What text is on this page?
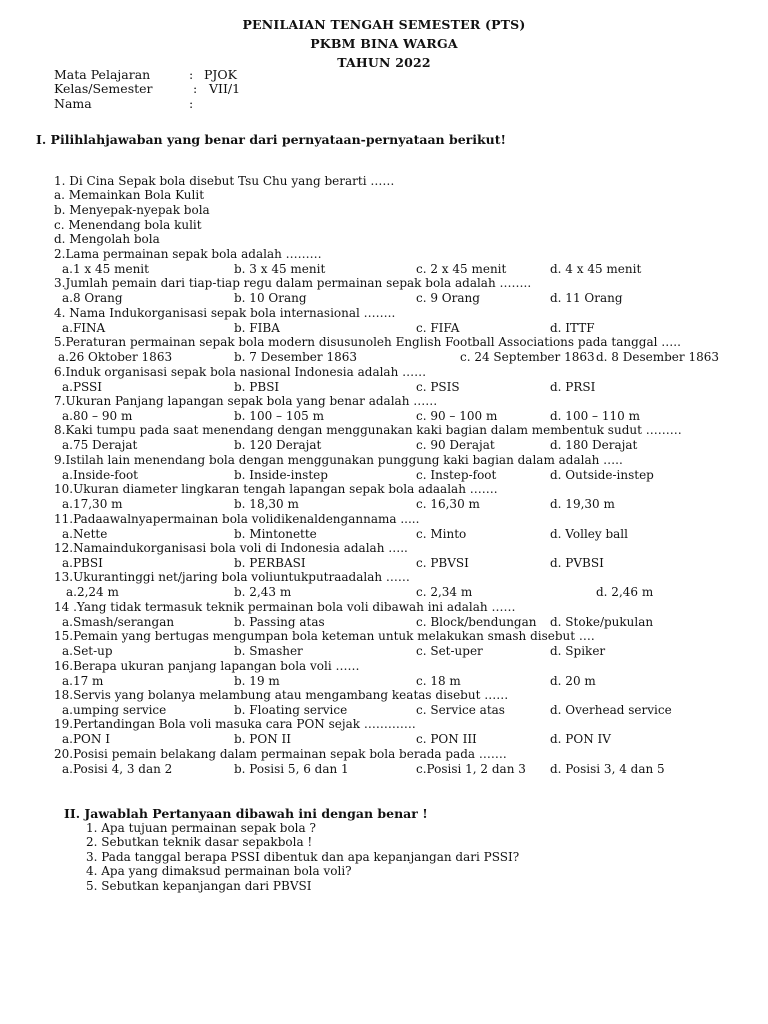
PENILAIAN TENGAH SEMESTER (PTS)
PKBM BINA WARGA
TAHUN 2022
Mata Pelajaran	: PJOK
Kelas/Semester	: VII/1
Nama	:
I. Pilihlahjawaban yang benar dari pernyataan-pernyataan berikut!
1. Di Cina Sepak bola disebut Tsu Chu yang berarti ……
a. Memainkan Bola Kulit
b. Menyepak-nyepak bola
c. Menendang bola kulit
d. Mengolah bola
2.Lama permainan sepak bola adalah ………
a.1 x 45 menit	b. 3 x 45 menit	c. 2 x 45 menit	d. 4 x 45 menit
3.Jumlah pemain dari tiap-tiap regu dalam permainan sepak bola adalah ……..
a.8 Orang	b. 10 Orang	c. 9 Orang	d. 11 Orang
4. Nama Indukorganisasi sepak bola internasional ……..
a.FINA	b. FIBA	c. FIFA	d. ITTF
5.Peraturan permainan sepak bola modern disusunoleh English Football Associations pada tanggal …..
a.26 Oktober 1863	b. 7 Desember 1863	c. 24 September 1863 d. 8 Desember 1863
6.Induk organisasi sepak bola nasional Indonesia adalah ……
a.PSSI	b. PBSI	c. PSIS	d. PRSI
7.Ukuran Panjang lapangan sepak bola yang benar adalah ……
a.80 – 90 m	b. 100 – 105 m	c. 90 – 100 m	d. 100 – 110 m
8.Kaki tumpu pada saat menendang dengan menggunakan kaki bagian dalam membentuk sudut ………
a.75 Derajat	b. 120 Derajat	c. 90 Derajat	d. 180 Derajat
9.Istilah lain menendang bola dengan menggunakan punggung kaki bagian dalam adalah …..
a.Inside-foot	b. Inside-instep	c. Instep-foot	d. Outside-instep
10.Ukuran diameter lingkaran tengah lapangan sepak bola adaalah …….
a.17,30 m	b. 18,30 m	c. 16,30 m	d. 19,30 m
11.Padaawalnyapermainan bola volidikenaldengannama .....
a.Nette	b. Mintonette	c. Minto	d. Volley ball
12.Namaindukorganisasi bola voli di Indonesia adalah …..
a.PBSI	b. PERBASI	c. PBVSI	d. PVBSI
13.Ukurantinggi net/jaring bola voliuntukputraadalah ……
a.2,24 m	b. 2,43 m	c. 2,34 m	d. 2,46 m
14 .Yang tidak termasuk teknik permainan bola voli dibawah ini adalah ……
a.Smash/serangan	b. Passing atas	c. Block/bendungan d. Stoke/pukulan
15.Pemain yang bertugas mengumpan bola keteman untuk melakukan smash disebut ….
a.Set-up	b. Smasher	c. Set-uper	d. Spiker
16.Berapa ukuran panjang lapangan bola voli ……
a.17 m	b. 19 m	c. 18 m	d. 20 m
18.Servis yang bolanya melambung atau mengambang keatas disebut ……
a.umping service	b. Floating service	c. Service atas	d. Overhead service
19.Pertandingan Bola voli masuka cara PON sejak ………….
a.PON I	b. PON II	c. PON III	d. PON IV
20.Posisi pemain belakang dalam permainan sepak bola berada pada …….
a.Posisi 4, 3 dan 2	b. Posisi 5, 6 dan 1	c.Posisi 1, 2 dan 3 d. Posisi 3, 4 dan 5
II. Jawablah Pertanyaan dibawah ini dengan benar !
1. Apa tujuan permainan sepak bola ?
2. Sebutkan teknik dasar sepakbola !
3. Pada tanggal berapa PSSI dibentuk dan apa kepanjangan dari PSSI?
4. Apa yang dimaksud permainan bola voli?
5. Sebutkan kepanjangan dari PBVSI
